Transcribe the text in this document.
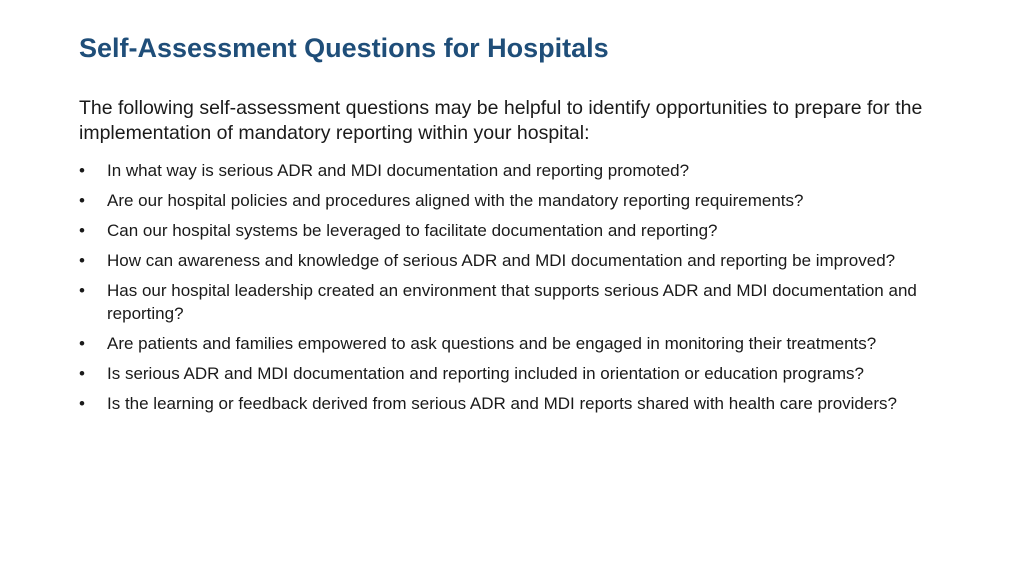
Self-Assessment Questions for Hospitals

The following self-assessment questions may be helpful to identify opportunities to prepare for the implementation of mandatory reporting within your hospital:

• In what way is serious ADR and MDI documentation and reporting promoted?
• Are our hospital policies and procedures aligned with the mandatory reporting requirements?
• Can our hospital systems be leveraged to facilitate documentation and reporting?
• How can awareness and knowledge of serious ADR and MDI documentation and reporting be improved?
• Has our hospital leadership created an environment that supports serious ADR and MDI documentation and reporting?
• Are patients and families empowered to ask questions and be engaged in monitoring their treatments?
• Is serious ADR and MDI documentation and reporting included in orientation or education programs?
• Is the learning or feedback derived from serious ADR and MDI reports shared with health care providers?
